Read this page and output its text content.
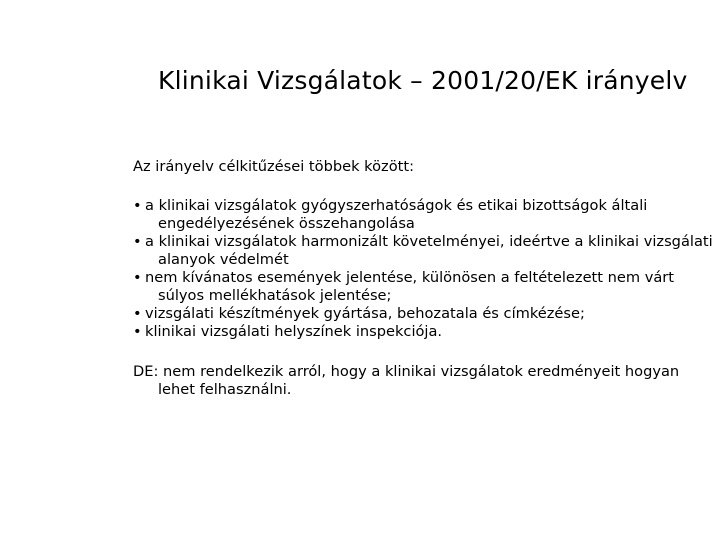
Klinikai Vizsgálatok – 2001/20/EK irányelv

Az irányelv célkitűzései többek között:

• a klinikai vizsgálatok gyógyszerhatóságok és etikai bizottságok általi engedélyezésének összehangolása
• a klinikai vizsgálatok harmonizált követelményei, ideértve a klinikai vizsgálati alanyok védelmét
• nem kívánatos események jelentése, különösen a feltételezett nem várt súlyos mellékhatások jelentése;
• vizsgálati készítmények gyártása, behozatala és címkézése;
• klinikai vizsgálati helyszínek inspekciója.

DE: nem rendelkezik arról, hogy a klinikai vizsgálatok eredményeit hogyan lehet felhasználni.
